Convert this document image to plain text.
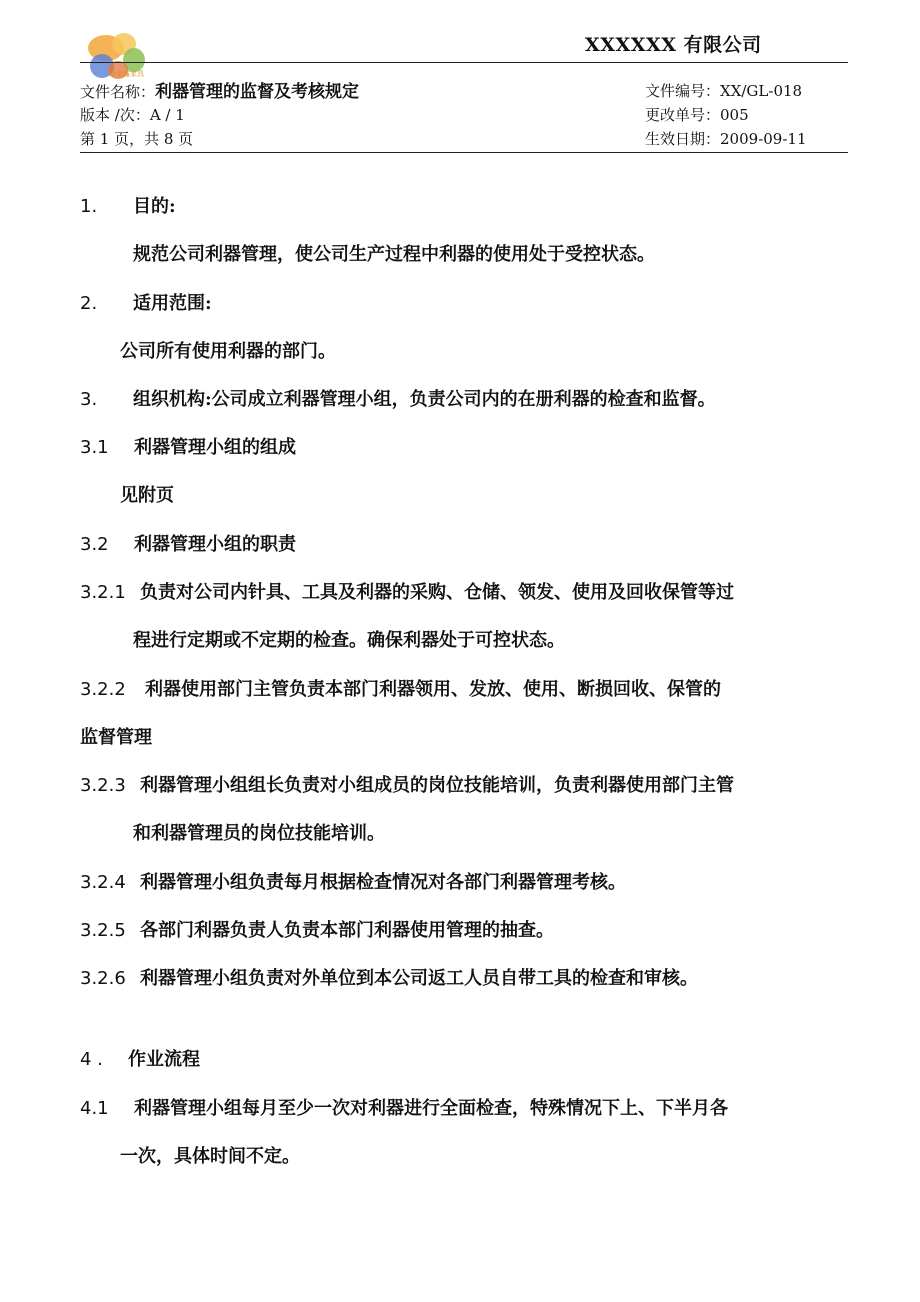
绿金鑫家具
XXXXXX 有限公司
文件名称：利器管理的监督及考核规定
版本 /次：A / 1
第 1 页，共 8 页
文件编号：XX/GL-018
更改单号：005
生效日期：2009-09-11
1. 目的:
规范公司利器管理，使公司生产过程中利器的使用处于受控状态。
2. 适用范围:
公司所有使用利器的部门。
3. 组织机构:公司成立利器管理小组，负责公司内的在册利器的检查和监督。
3.1 利器管理小组的组成
见附页
3.2 利器管理小组的职责
3.2.1 负责对公司内针具、工具及利器的采购、仓储、领发、使用及回收保管等过
程进行定期或不定期的检查。确保利器处于可控状态。
3.2.2 利器使用部门主管负责本部门利器领用、发放、使用、断损回收、保管的
监督管理
3.2.3 利器管理小组组长负责对小组成员的岗位技能培训，负责利器使用部门主管
和利器管理员的岗位技能培训。
3.2.4 利器管理小组负责每月根据检查情况对各部门利器管理考核。
3.2.5 各部门利器负责人负责本部门利器使用管理的抽查。
3.2.6 利器管理小组负责对外单位到本公司返工人员自带工具的检查和审核。
4 . 作业流程
4.1 利器管理小组每月至少一次对利器进行全面检查，特殊情况下上、下半月各
一次，具体时间不定。
